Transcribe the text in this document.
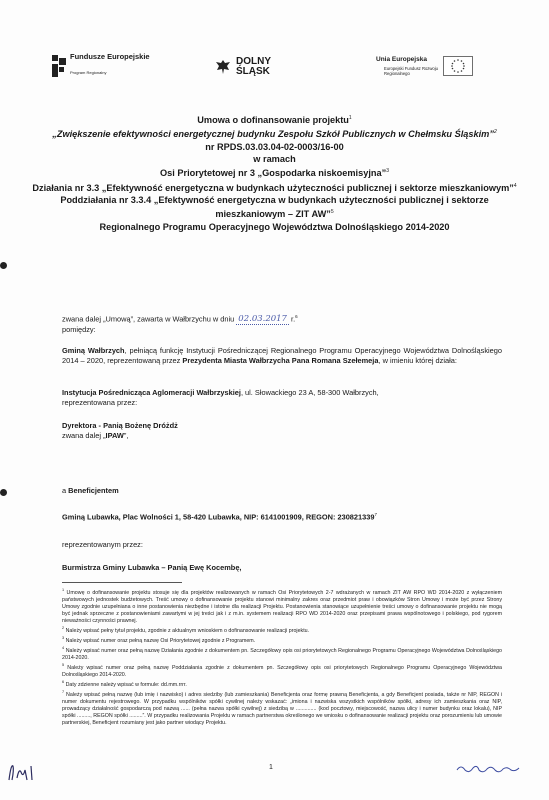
Fundusze Europejskie
Program Regionalny
DOLNY ŚLĄSK
Unia Europejska
Europejski Fundusz Rozwoju Regionalnego

Umowa o dofinansowanie projektu$^1$

„Zwiększenie efektywności energetycznej budynku Zespołu Szkół Publicznych w Chełmsku Śląskim”$^2$

nr RPDS.03.03.04-02-0003/16-00

w ramach

Osi Priorytetowej nr 3 „Gospodarka niskoemisyjna”$^3$

Działania nr 3.3 „Efektywność energetyczna w budynkach użyteczności publicznej i sektorze mieszkaniowym”$^4$

Poddziałania nr 3.3.4 „Efektywność energetyczna w budynkach użyteczności publicznej i sektorze mieszkaniowym – ZIT AW”$^5$

Regionalnego Programu Operacyjnego Województwa Dolnośląskiego 2014-2020

zwana dalej „Umową”, zawarta w Wałbrzychu w dniu 02.03.2017 r.$^6$

pomiędzy:

Gminą Wałbrzych, pełniącą funkcję Instytucji Pośredniczącej Regionalnego Programu Operacyjnego Województwa Dolnośląskiego 2014 – 2020, reprezentowaną przez Prezydenta Miasta Wałbrzycha Pana Romana Szełemeja, w imieniu której działa:

Instytucja Pośrednicząca Aglomeracji Wałbrzyskiej, ul. Słowackiego 23 A, 58-300 Wałbrzych,

reprezentowana przez:

Dyrektora - Panią Bożenę Dróżdż

zwana dalej „IPAW”,

a Beneficjentem

Gminą Lubawka, Plac Wolności 1, 58-420 Lubawka, NIP: 6141001909, REGON: 230821339$^7$

reprezentowanym przez:

Burmistrza Gminy Lubawka – Panią Ewę Kocembę,

$^1$ Umowę o dofinansowanie projektu stosuje się dla projektów realizowanych w ramach Osi Priorytetowych 2-7 wdrażanych w ramach ZIT AW RPO WD 2014-2020 z wyłączeniem państwowych jednostek budżetowych. Treść umowy o dofinansowanie projektu stanowi minimalny zakres oraz przedmiot praw i obowiązków Stron Umowy i może być przez Strony Umowy zgodnie uzupełniana o inne postanowienia niezbędne i istotne dla realizacji Projektu. Postanowienia stanowiące uzupełnienie treści umowy o dofinansowanie projektu nie mogą być jednak sprzeczne z postanowieniami zawartymi w jej treści jak i z m.in. systemem realizacji RPO WD 2014-2020 oraz przepisami prawa wspólnotowego i polskiego, pod rygorem nieważności czynności prawnej.

$^2$ Należy wpisać pełny tytuł projektu, zgodnie z aktualnym wnioskiem o dofinansowanie realizacji projektu.

$^3$ Należy wpisać numer oraz pełną nazwę Osi Priorytetowej zgodnie z Programem.

$^4$ Należy wpisać numer oraz pełną nazwę Działania zgodnie z dokumentem pn. Szczegółowy opis osi priorytetowych Regionalnego Programu Operacyjnego Województwa Dolnośląskiego 2014-2020.

$^5$ Należy wpisać numer oraz pełną nazwę Poddziałania zgodnie z dokumentem pn. Szczegółowy opis osi priorytetowych Regionalnego Programu Operacyjnego Województwa Dolnośląskiego 2014-2020.

$^6$ Daty zdzienne należy wpisać w formule: dd.mm.rrrr.

$^7$ Należy wpisać pełną nazwę (lub imię i nazwisko) i adres siedziby (lub zamieszkania) Beneficjenta oraz formę prawną Beneficjenta, a gdy Beneficjent posiada, także nr NIP, REGON i numer dokumentu rejestrowego. W przypadku wspólników spółki cywilnej należy wskazać: „imiona i nazwiska wszystkich wspólników spółki, adresy ich zamieszkania oraz NIP, prowadzący działalność gospodarczą pod nazwą ...... (pełna nazwa spółki cywilnej) z siedzibą w .............. (kod pocztowy, miejscowość, nazwa ulicy i numer budynku oraz lokalu), NIP spółki ........., REGON spółki .........”. W przypadku realizowania Projektu w ramach partnerstwa określonego we wniosku o dofinansowanie realizacji projektu oraz porozumieniu lub umowie partnerskiej, Beneficjent rozumiany jest jako partner wiodący Projektu.

1
